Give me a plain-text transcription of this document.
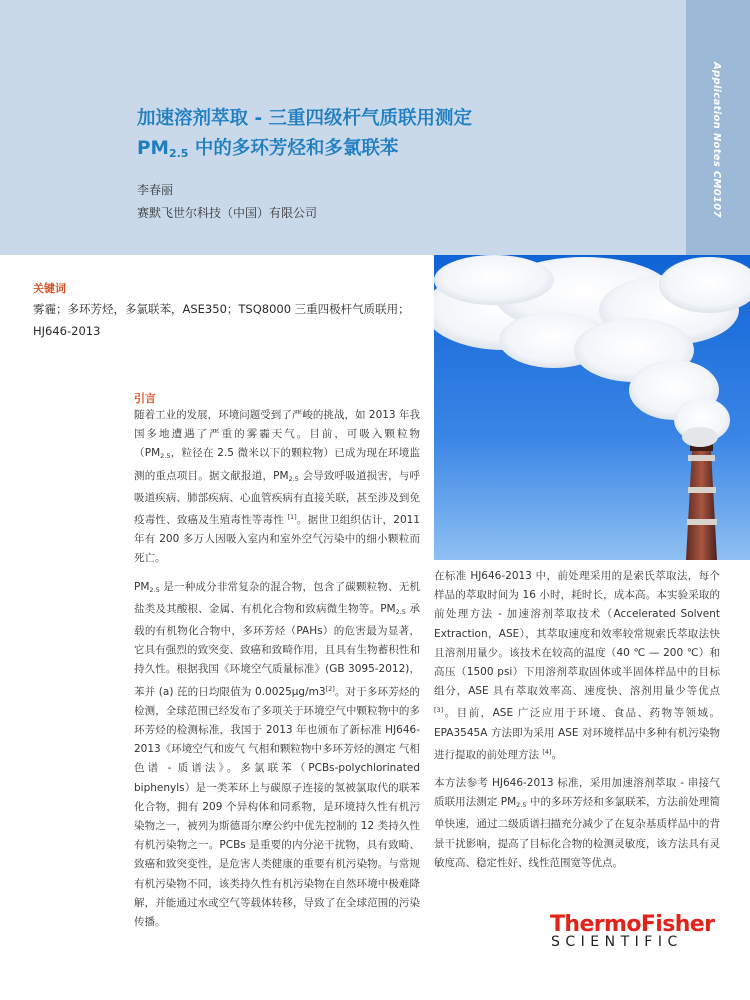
Application Notes CM0107
加速溶剂萃取 - 三重四级杆气质联用测定
$PM_{2.5}$ 中的多环芳烃和多氯联苯
李春丽
赛默飞世尔科技（中国）有限公司
关键词
雾霾；多环芳烃，多氯联苯，ASE350；TSQ8000 三重四极杆气质联用；HJ646-2013
引言

随着工业的发展，环境问题受到了严峻的挑战，如 2013 年我国多地遭遇了严重的雾霾天气。目前，可吸入颗粒物（$PM_{2.5}$，粒径在 2.5 微米以下的颗粒物）已成为现在环境监测的重点项目。据文献报道，$PM_{2.5}$ 会导致呼吸道损害，与呼吸道疾病、肺部疾病、心血管疾病有直接关联，甚至涉及到免疫毒性、致癌及生殖毒性等毒性 [1]。据世卫组织估计，2011 年有 200 多万人因吸入室内和室外空气污染中的细小颗粒而死亡。

$PM_{2.5}$ 是一种成分非常复杂的混合物，包含了碳颗粒物、无机盐类及其酸根、金属、有机化合物和致病微生物等。$PM_{2.5}$ 承载的有机物化合物中，多环芳烃（PAHs）的危害最为显著，它具有强烈的致突变、致癌和致畸作用，且具有生物蓄积性和持久性。根据我国《环境空气质量标准》(GB 3095-2012)，苯并 (a) 芘的日均限值为 0.0025μg/m3[2]。对于多环芳烃的检测，全球范围已经发布了多项关于环境空气中颗粒物中的多环芳烃的检测标准，我国于 2013 年也颁布了新标准 HJ646-2013《环境空气和废气 气相和颗粒物中多环芳烃的测定 气相色谱 - 质谱法》。多氯联苯（PCBs-polychlorinated biphenyls）是一类苯环上与碳原子连接的氢被氯取代的联苯化合物，拥有 209 个异构体和同系物，是环境持久性有机污染物之一，被列为斯德哥尔摩公约中优先控制的 12 类持久性有机污染物之一。PCBs 是重要的内分泌干扰物，具有致畸、致癌和致突变性，是危害人类健康的重要有机污染物。与常规有机污染物不同，该类持久性有机污染物在自然环境中极难降解，并能通过水或空气等载体转移，导致了在全球范围的污染传播。

在标准 HJ646-2013 中，前处理采用的是索氏萃取法，每个样品的萃取时间为 16 小时，耗时长，成本高。本实验采取的前处理方法 - 加速溶剂萃取技术（Accelerated Solvent Extraction，ASE），其萃取速度和效率较常规索氏萃取法快且溶剂用量少。该技术在较高的温度（40 ℃ — 200 ℃）和高压（1500 psi）下用溶剂萃取固体或半固体样品中的目标组分，ASE 具有萃取效率高、速度快、溶剂用量少等优点 [3]。目前，ASE 广泛应用于环境、食品、药物等领域。EPA3545A 方法即为采用 ASE 对环境样品中多种有机污染物进行提取的前处理方法 [4]。

本方法参考 HJ646-2013 标准，采用加速溶剂萃取 - 串接气质联用法测定 $PM_{2.5}$ 中的多环芳烃和多氯联苯，方法前处理简单快速，通过二级质谱扫描充分减少了在复杂基质样品中的背景干扰影响，提高了目标化合物的检测灵敏度，该方法具有灵敏度高、稳定性好、线性范围宽等优点。

ThermoFisher
SCIENTIFIC
